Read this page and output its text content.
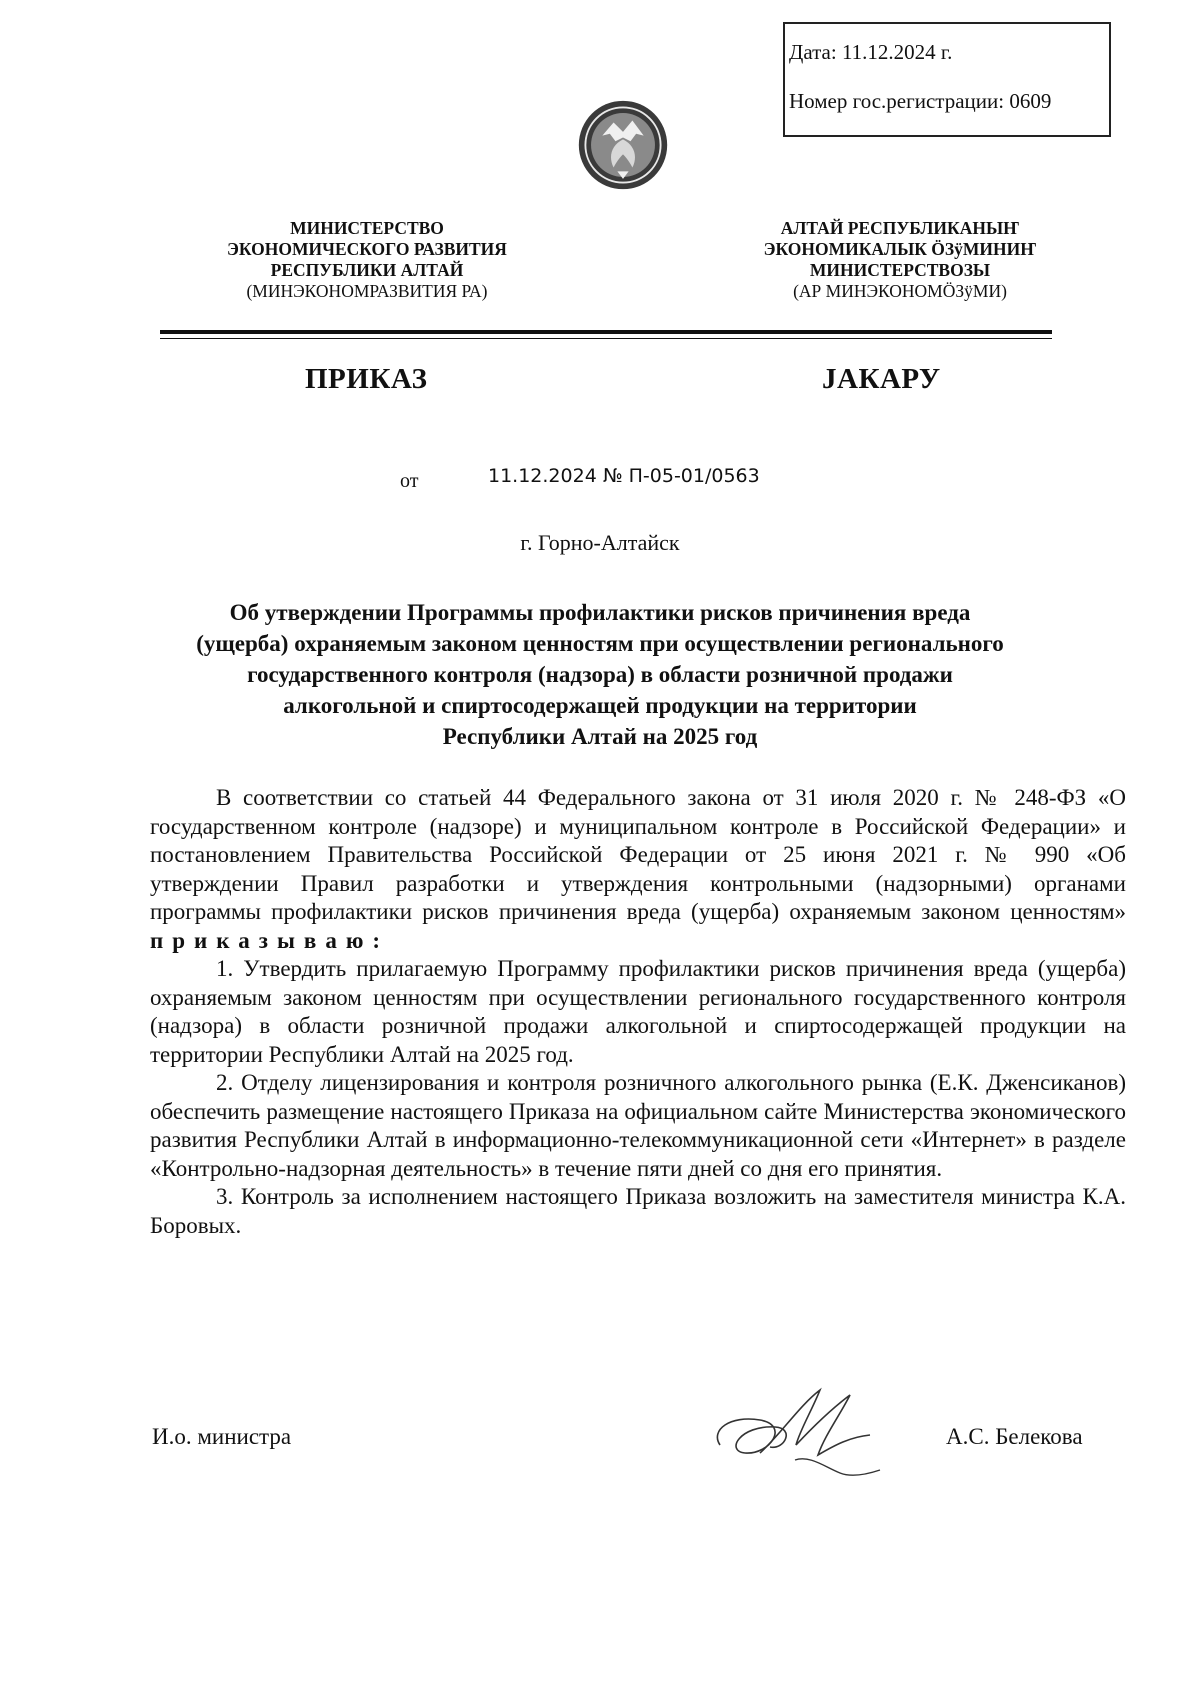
Дата: 11.12.2024 г.
Номер гос.регистрации: 0609
МИНИСТЕРСТВО
ЭКОНОМИЧЕСКОГО РАЗВИТИЯ
РЕСПУБЛИКИ АЛТАЙ
(МИНЭКОНОМРАЗВИТИЯ РА)
АЛТАЙ РЕСПУБЛИКАНЫҤ
ЭКОНОМИКАЛЫК ÖЗÿМИНИҤ
МИНИСТЕРСТВОЗЫ
(АР МИНЭКОНОМÖЗÿМИ)
ПРИКАЗ	JАКАРУ
от	11.12.2024 № П-05-01/0563
г. Горно-Алтайск
Об утверждении Программы профилактики рисков причинения вреда
(ущерба) охраняемым законом ценностям при осуществлении регионального
государственного контроля (надзора) в области розничной продажи
алкогольной и спиртосодержащей продукции на территории
Республики Алтай на 2025 год

В соответствии со статьей 44 Федерального закона от 31 июля 2020 г. № 248-ФЗ «О государственном контроле (надзоре) и муниципальном контроле в Российской Федерации» и постановлением Правительства Российской Федерации от 25 июня 2021 г. № 990 «Об утверждении Правил разработки и утверждения контрольными (надзорными) органами программы профилактики рисков причинения вреда (ущерба) охраняемым законом ценностям» приказываю:

1. Утвердить прилагаемую Программу профилактики рисков причинения вреда (ущерба) охраняемым законом ценностям при осуществлении регионального государственного контроля (надзора) в области розничной продажи алкогольной и спиртосодержащей продукции на территории Республики Алтай на 2025 год.

2. Отделу лицензирования и контроля розничного алкогольного рынка (Е.К. Дженсиканов) обеспечить размещение настоящего Приказа на официальном сайте Министерства экономического развития Республики Алтай в информационно-телекоммуникационной сети «Интернет» в разделе «Контрольно-надзорная деятельность» в течение пяти дней со дня его принятия.

3. Контроль за исполнением настоящего Приказа возложить на заместителя министра К.А. Боровых.

И.о. министра	А.С. Белекова
